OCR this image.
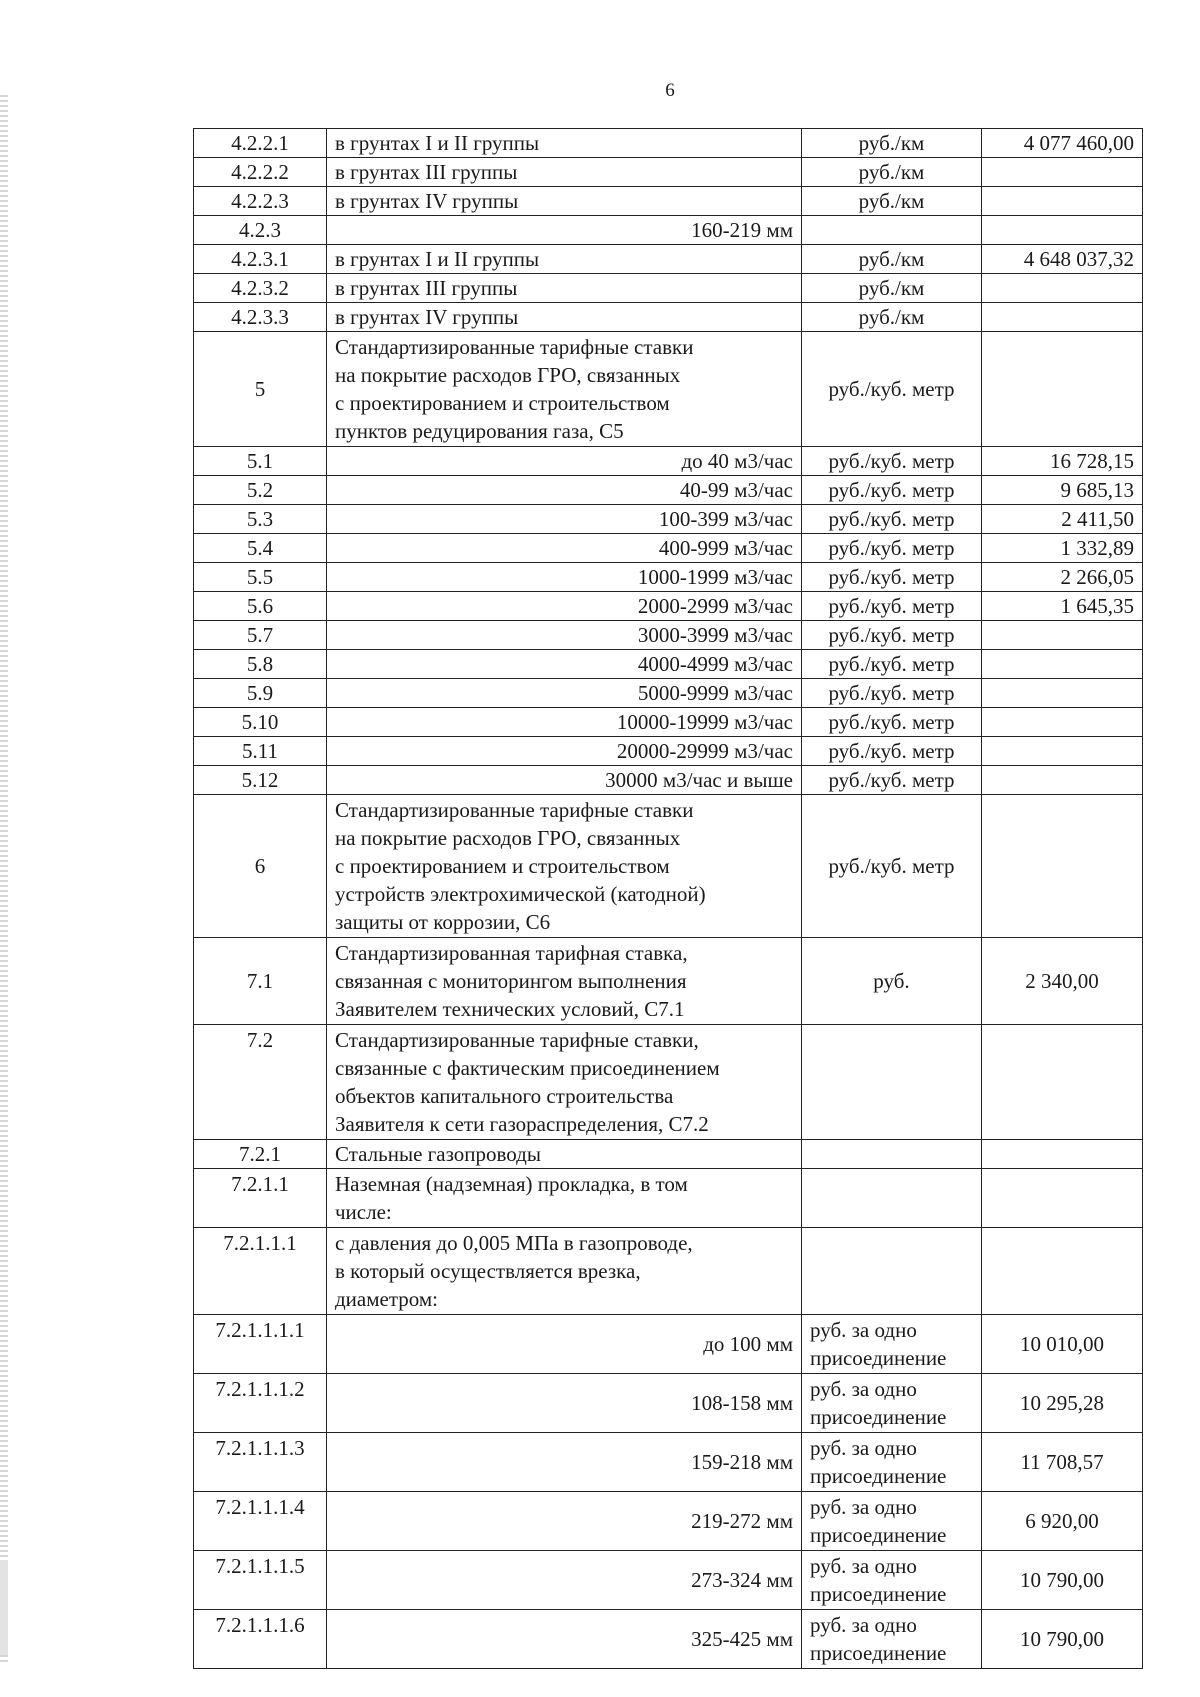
6
4.2.2.1	в грунтах I и II группы	руб./км	4 077 460,00
4.2.2.2	в грунтах III группы	руб./км	
4.2.2.3	в грунтах IV группы	руб./км	
4.2.3	160-219 мм		
4.2.3.1	в грунтах I и II группы	руб./км	4 648 037,32
4.2.3.2	в грунтах III группы	руб./км	
4.2.3.3	в грунтах IV группы	руб./км	
5	Стандартизированные тарифные ставки
на покрытие расходов ГРО, связанных
с проектированием и строительством
пунктов редуцирования газа, С5	руб./куб. метр	
5.1	до 40 м3/час	руб./куб. метр	16 728,15
5.2	40-99 м3/час	руб./куб. метр	9 685,13
5.3	100-399 м3/час	руб./куб. метр	2 411,50
5.4	400-999 м3/час	руб./куб. метр	1 332,89
5.5	1000-1999 м3/час	руб./куб. метр	2 266,05
5.6	2000-2999 м3/час	руб./куб. метр	1 645,35
5.7	3000-3999 м3/час	руб./куб. метр	
5.8	4000-4999 м3/час	руб./куб. метр	
5.9	5000-9999 м3/час	руб./куб. метр	
5.10	10000-19999 м3/час	руб./куб. метр	
5.11	20000-29999 м3/час	руб./куб. метр	
5.12	30000 м3/час и выше	руб./куб. метр	
6	Стандартизированные тарифные ставки
на покрытие расходов ГРО, связанных
с проектированием и строительством
устройств электрохимической (катодной)
защиты от коррозии, С6	руб./куб. метр	
7.1	Стандартизированная тарифная ставка,
связанная с мониторингом выполнения
Заявителем технических условий, С7.1	руб.	2 340,00
7.2	Стандартизированные тарифные ставки,
связанные с фактическим присоединением
объектов капитального строительства
Заявителя к сети газораспределения, С7.2		
7.2.1	Стальные газопроводы		
7.2.1.1	Наземная (надземная) прокладка, в том
числе:		
7.2.1.1.1	с давления до 0,005 МПа в газопроводе,
в который осуществляется врезка,
диаметром:		
7.2.1.1.1.1	до 100 мм	руб. за одно
присоединение	10 010,00
7.2.1.1.1.2	108-158 мм	руб. за одно
присоединение	10 295,28
7.2.1.1.1.3	159-218 мм	руб. за одно
присоединение	11 708,57
7.2.1.1.1.4	219-272 мм	руб. за одно
присоединение	6 920,00
7.2.1.1.1.5	273-324 мм	руб. за одно
присоединение	10 790,00
7.2.1.1.1.6	325-425 мм	руб. за одно
присоединение	10 790,00
